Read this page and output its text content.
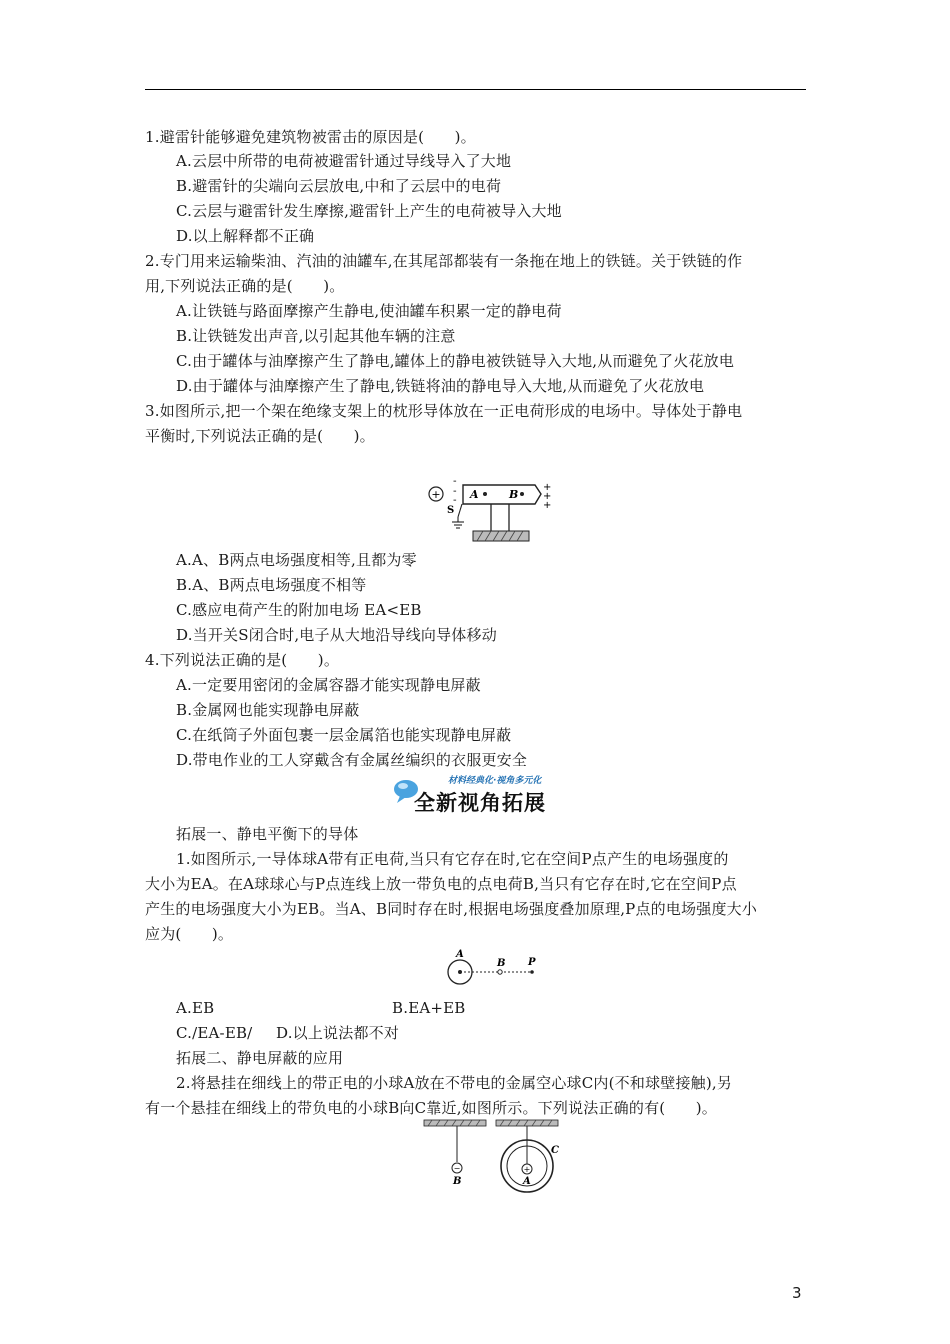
1.避雷针能够避免建筑物被雷击的原因是(　　)。
A.云层中所带的电荷被避雷针通过导线导入了大地
B.避雷针的尖端向云层放电,中和了云层中的电荷
C.云层与避雷针发生摩擦,避雷针上产生的电荷被导入大地
D.以上解释都不正确
2.专门用来运输柴油、汽油的油罐车,在其尾部都装有一条拖在地上的铁链。关于铁链的作
用,下列说法正确的是(　　)。
A.让铁链与路面摩擦产生静电,使油罐车积累一定的静电荷
B.让铁链发出声音,以引起其他车辆的注意
C.由于罐体与油摩擦产生了静电,罐体上的静电被铁链导入大地,从而避免了火花放电
D.由于罐体与油摩擦产生了静电,铁链将油的静电导入大地,从而避免了火花放电
3.如图所示,把一个架在绝缘支架上的枕形导体放在一正电荷形成的电场中。导体处于静电
平衡时,下列说法正确的是(　　)。
+
-
-
- A	B
+
+
+
S
A.A、B两点电场强度相等,且都为零
B.A、B两点电场强度不相等
C.感应电荷产生的附加电场 EA<EB
D.当开关S闭合时,电子从大地沿导线向导体移动
4.下列说法正确的是(　　)。
A.一定要用密闭的金属容器才能实现静电屏蔽
B.金属网也能实现静电屏蔽
C.在纸筒子外面包裹一层金属箔也能实现静电屏蔽
D.带电作业的工人穿戴含有金属丝编织的衣服更安全
材料经典化·视角多元化
全新视角拓展
拓展一、静电平衡下的导体
1.如图所示,一导体球A带有正电荷,当只有它存在时,它在空间P点产生的电场强度的
大小为EA。在A球球心与P点连线上放一带负电的点电荷B,当只有它存在时,它在空间P点
产生的电场强度大小为EB。当A、B同时存在时,根据电场强度叠加原理,P点的电场强度大小
应为(　　)。
A
B P
A.EB	B.EA+EB
C./EA-EB/	D.以上说法都不对
拓展二、静电屏蔽的应用
2.将悬挂在细线上的带正电的小球A放在不带电的金属空心球C内(不和球壁接触),另
有一个悬挂在细线上的带负电的小球B向C靠近,如图所示。下列说法正确的有(　　)。
−
B
+
A
C
3
